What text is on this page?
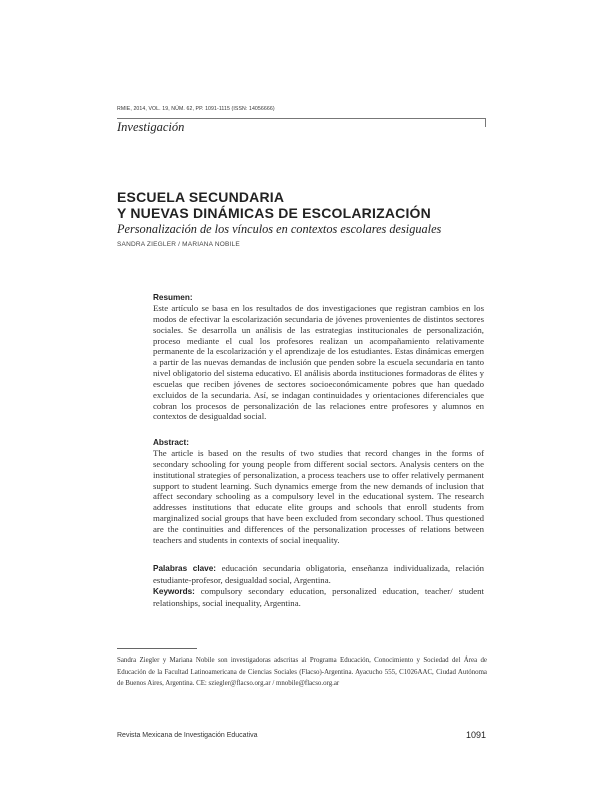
RMIE, 2014, VOL. 19, NÚM. 62, PP. 1091-1115 (ISSN: 14056666)
Investigación
ESCUELA SECUNDARIA
Y NUEVAS DINÁMICAS DE ESCOLARIZACIÓN
Personalización de los vínculos en contextos escolares desiguales
SANDRA ZIEGLER / MARIANA NOBILE
Resumen:

Este artículo se basa en los resultados de dos investigaciones que registran cambios en los modos de efectivar la escolarización secundaria de jóvenes provenientes de distintos sectores sociales. Se desarrolla un análisis de las estrategias institucionales de personalización, proceso mediante el cual los profesores realizan un acompañamiento relativamente permanente de la escolarización y el aprendizaje de los estudiantes. Estas dinámicas emergen a partir de las nuevas demandas de inclusión que penden sobre la escuela secundaria en tanto nivel obligatorio del sistema educativo. El análisis aborda instituciones formadoras de élites y escuelas que reciben jóvenes de sectores socioeconómicamente pobres que han quedado excluidos de la secundaria. Así, se indagan continuidades y orientaciones diferenciales que cobran los procesos de personalización de las relaciones entre profesores y alumnos en contextos de desigualdad social.

Abstract:

The article is based on the results of two studies that record changes in the forms of secondary schooling for young people from different social sectors. Analysis centers on the institutional strategies of personalization, a process teachers use to offer relatively permanent support to student learning. Such dynamics emerge from the new demands of inclusion that affect secondary schooling as a compulsory level in the educational system. The research addresses institutions that educate elite groups and schools that enroll students from marginalized social groups that have been excluded from secondary school. Thus questioned are the continuities and differences of the personalization processes of relations between teachers and students in contexts of social inequality.

Palabras clave: educación secundaria obligatoria, enseñanza individualizada, relación estudiante-profesor, desigualdad social, Argentina.

Keywords: compulsory secondary education, personalized education, teacher/ student relationships, social inequality, Argentina.

Sandra Ziegler y Mariana Nobile son investigadoras adscritas al Programa Educación, Conocimiento y Sociedad del Área de Educación de la Facultad Latinoamericana de Ciencias Sociales (Flacso)-Argentina. Ayacucho 555, C1026AAC, Ciudad Autónoma de Buenos Aires, Argentina. CE: sziegler@flacso.org.ar / mnobile@flacso.org.ar
Revista Mexicana de Investigación Educativa	1091
